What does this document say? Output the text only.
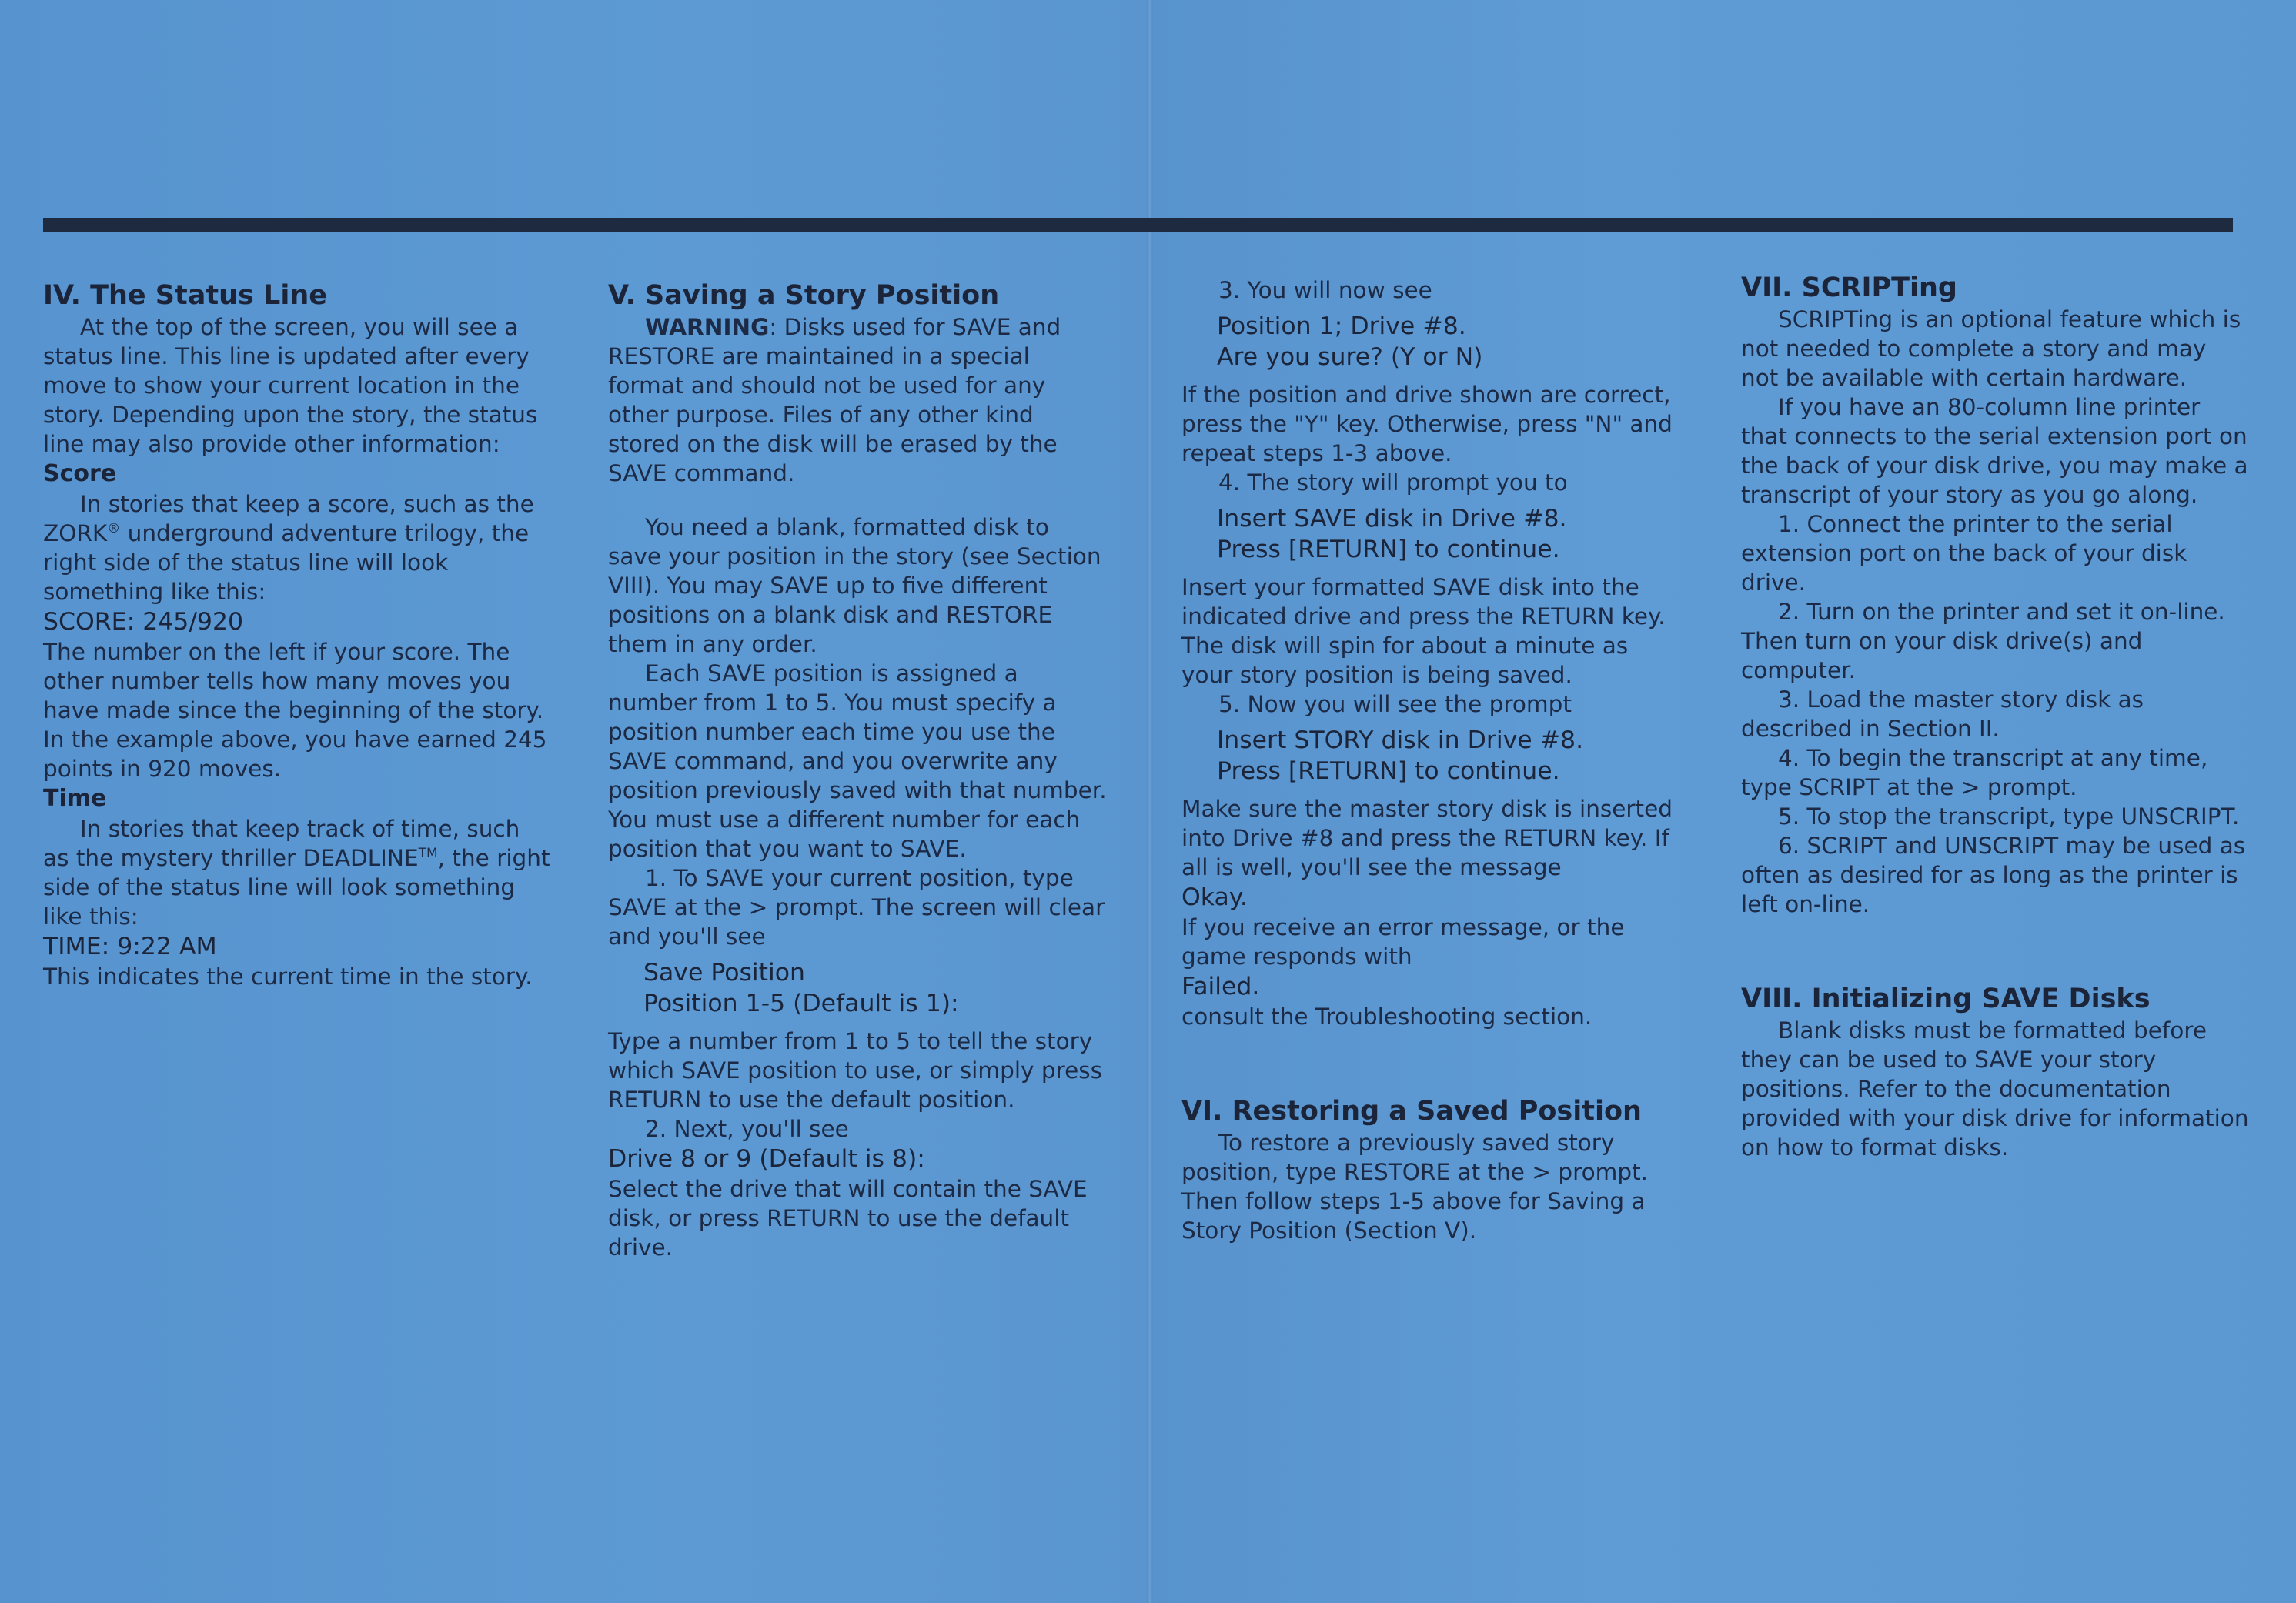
IV. The Status Line

At the top of the screen, you will see a status line. This line is updated after every move to show your current location in the story. Depending upon the story, the status line may also provide other information:

Score

In stories that keep a score, such as the ZORK® underground adventure trilogy, the right side of the status line will look something like this:

SCORE: 245/920

The number on the left if your score. The other number tells how many moves you have made since the beginning of the story. In the example above, you have earned 245 points in 920 moves.

Time

In stories that keep track of time, such as the mystery thriller DEADLINE™, the right side of the status line will look something like this:

TIME: 9:22 AM

This indicates the current time in the story.

V. Saving a Story Position

WARNING: Disks used for SAVE and RESTORE are maintained in a special format and should not be used for any other purpose. Files of any other kind stored on the disk will be erased by the SAVE command.

You need a blank, formatted disk to save your position in the story (see Section VIII). You may SAVE up to five different positions on a blank disk and RESTORE them in any order.

Each SAVE position is assigned a number from 1 to 5. You must specify a position number each time you use the SAVE command, and you overwrite any position previously saved with that number. You must use a different number for each position that you want to SAVE.

1. To SAVE your current position, type SAVE at the > prompt. The screen will clear and you'll see

Save Position
Position 1-5 (Default is 1):

Type a number from 1 to 5 to tell the story which SAVE position to use, or simply press RETURN to use the default position.

2. Next, you'll see

Drive 8 or 9 (Default is 8):

Select the drive that will contain the SAVE disk, or press RETURN to use the default drive.

3. You will now see

Position 1; Drive #8.
Are you sure? (Y or N)

If the position and drive shown are correct, press the "Y" key. Otherwise, press "N" and repeat steps 1-3 above.

4. The story will prompt you to

Insert SAVE disk in Drive #8.
Press [RETURN] to continue.

Insert your formatted SAVE disk into the indicated drive and press the RETURN key. The disk will spin for about a minute as your story position is being saved.

5. Now you will see the prompt

Insert STORY disk in Drive #8.
Press [RETURN] to continue.

Make sure the master story disk is inserted into Drive #8 and press the RETURN key. If all is well, you'll see the message

Okay.

If you receive an error message, or the game responds with

Failed.

consult the Troubleshooting section.

VI. Restoring a Saved Position

To restore a previously saved story position, type RESTORE at the > prompt. Then follow steps 1-5 above for Saving a Story Position (Section V).

VII. SCRIPTing

SCRIPTing is an optional feature which is not needed to complete a story and may not be available with certain hardware.

If you have an 80-column line printer that connects to the serial extension port on the back of your disk drive, you may make a transcript of your story as you go along.

1. Connect the printer to the serial extension port on the back of your disk drive.

2. Turn on the printer and set it on-line. Then turn on your disk drive(s) and computer.

3. Load the master story disk as described in Section II.

4. To begin the transcript at any time, type SCRIPT at the > prompt.

5. To stop the transcript, type UNSCRIPT.

6. SCRIPT and UNSCRIPT may be used as often as desired for as long as the printer is left on-line.

VIII. Initializing SAVE Disks

Blank disks must be formatted before they can be used to SAVE your story positions. Refer to the documentation provided with your disk drive for information on how to format disks.
